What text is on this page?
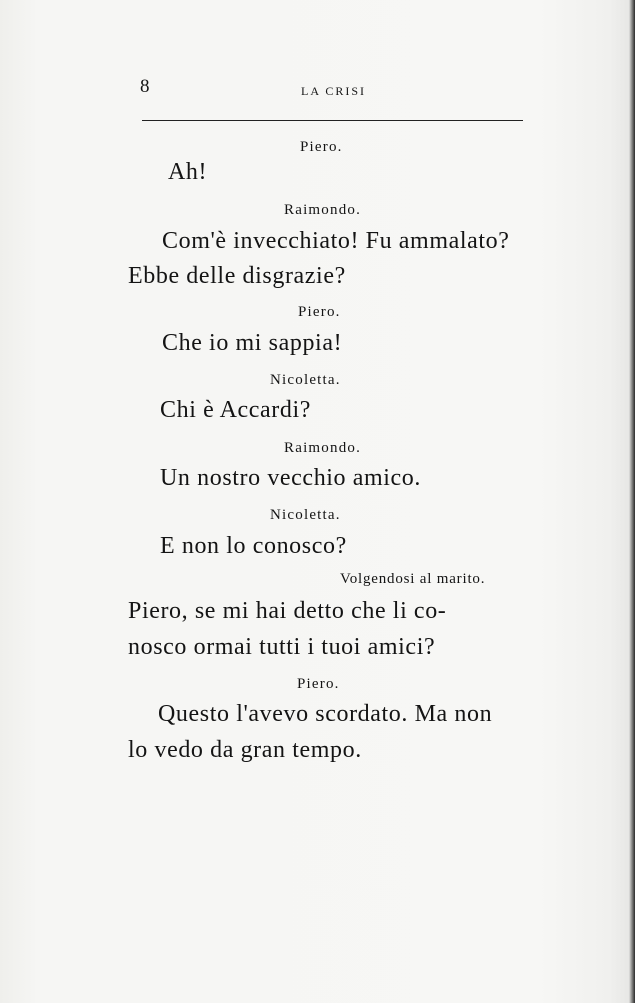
8	LA CRISI
Piero.
Ah!
Raimondo.
Com'è invecchiato! Fu ammalato?
Ebbe delle disgrazie?
Piero.
Che io mi sappia!
Nicoletta.
Chi è Accardi?
Raimondo.
Un nostro vecchio amico.
Nicoletta.
E non lo conosco?
Volgendosi al marito.
Piero, se mi hai detto che li co-
nosco ormai tutti i tuoi amici?
Piero.
Questo l'avevo scordato. Ma non
lo vedo da gran tempo.
